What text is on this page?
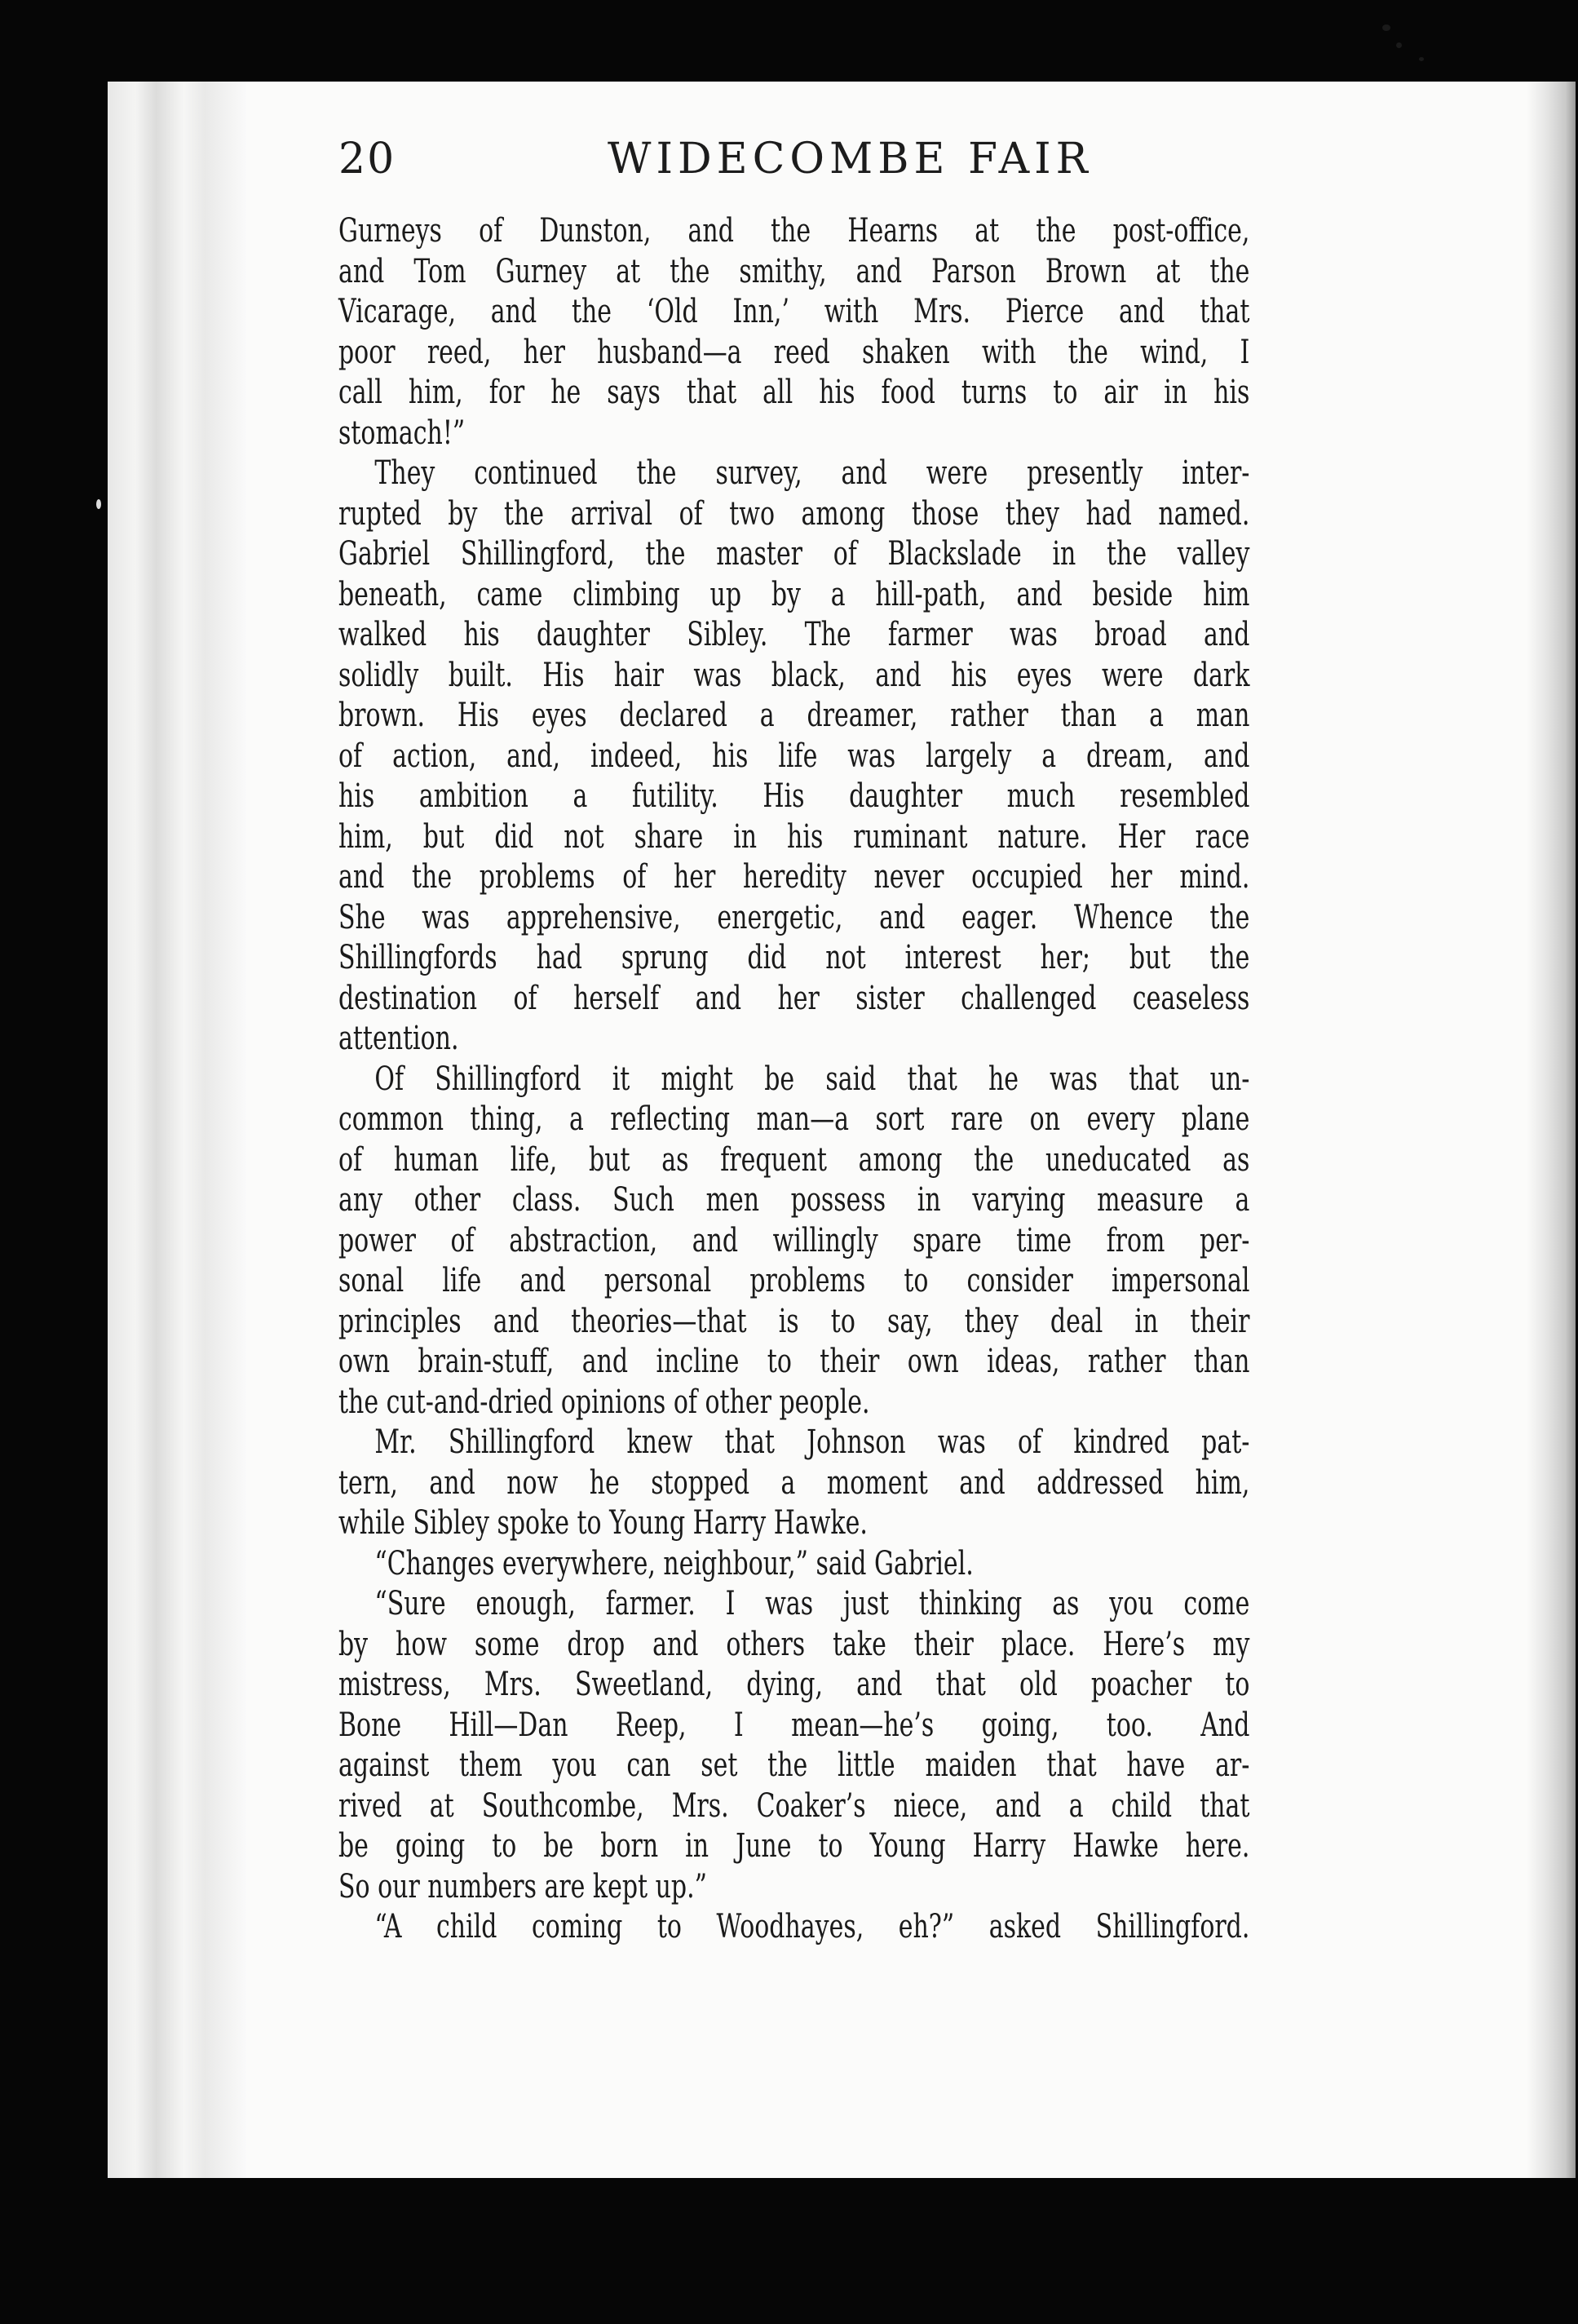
20	WIDECOMBE FAIR
Gurneys of Dunston, and the Hearns at the post-office,
and Tom Gurney at the smithy, and Parson Brown at the
Vicarage, and the ‘Old Inn,’ with Mrs. Pierce and that
poor reed, her husband—a reed shaken with the wind, I
call him, for he says that all his food turns to air in his
stomach!”
They continued the survey, and were presently inter-
rupted by the arrival of two among those they had named.
Gabriel Shillingford, the master of Blackslade in the valley
beneath, came climbing up by a hill-path, and beside him
walked his daughter Sibley. The farmer was broad and
solidly built. His hair was black, and his eyes were dark
brown. His eyes declared a dreamer, rather than a man
of action, and, indeed, his life was largely a dream, and
his ambition a futility. His daughter much resembled
him, but did not share in his ruminant nature. Her race
and the problems of her heredity never occupied her mind.
She was apprehensive, energetic, and eager. Whence the
Shillingfords had sprung did not interest her; but the
destination of herself and her sister challenged ceaseless
attention.
Of Shillingford it might be said that he was that un-
common thing, a reflecting man—a sort rare on every plane
of human life, but as frequent among the uneducated as
any other class. Such men possess in varying measure a
power of abstraction, and willingly spare time from per-
sonal life and personal problems to consider impersonal
principles and theories—that is to say, they deal in their
own brain-stuff, and incline to their own ideas, rather than
the cut-and-dried opinions of other people.
Mr. Shillingford knew that Johnson was of kindred pat-
tern, and now he stopped a moment and addressed him,
while Sibley spoke to Young Harry Hawke.
“Changes everywhere, neighbour,” said Gabriel.
“Sure enough, farmer. I was just thinking as you come
by how some drop and others take their place. Here’s my
mistress, Mrs. Sweetland, dying, and that old poacher to
Bone Hill—Dan Reep, I mean—he’s going, too. And
against them you can set the little maiden that have ar-
rived at Southcombe, Mrs. Coaker’s niece, and a child that
be going to be born in June to Young Harry Hawke here.
So our numbers are kept up.”
“A child coming to Woodhayes, eh?” asked Shillingford.
